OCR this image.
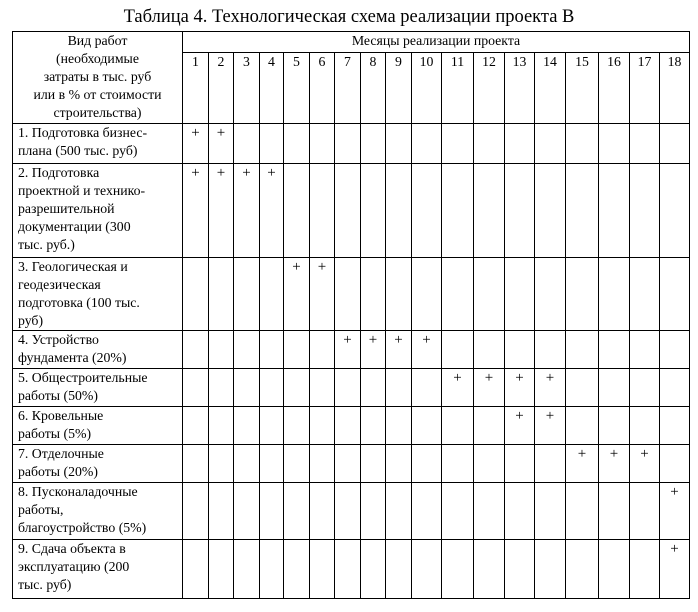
Таблица 4. Технологическая схема реализации проекта В
Вид работ
(необходимые
затраты в тыс. руб
или в % от стоимости
строительства)	Месяцы реализации проекта																	
	1	2	3	4	5	6	7	8	9	10	11	12	13	14	15	16	17	18

1. Подготовка бизнес-
плана (500 тыс. руб)	+	+																

2. Подготовка
проектной и технико-
разрешительной
документации (300
тыс. руб.)	+	+	+	+														

3. Геологическая и
геодезическая
подготовка (100 тыс.
руб)					+	+												

4. Устройство
фундамента (20%)							+	+	+	+								

5. Общестроительные
работы (50%)											+	+	+	+				

6. Кровельные
работы (5%)													+	+				

7. Отделочные
работы (20%)															+	+	+	

8. Пусконаладочные
работы,
благоустройство (5%)																		+

9. Сдача объекта в
эксплуатацию (200
тыс. руб)																		+
